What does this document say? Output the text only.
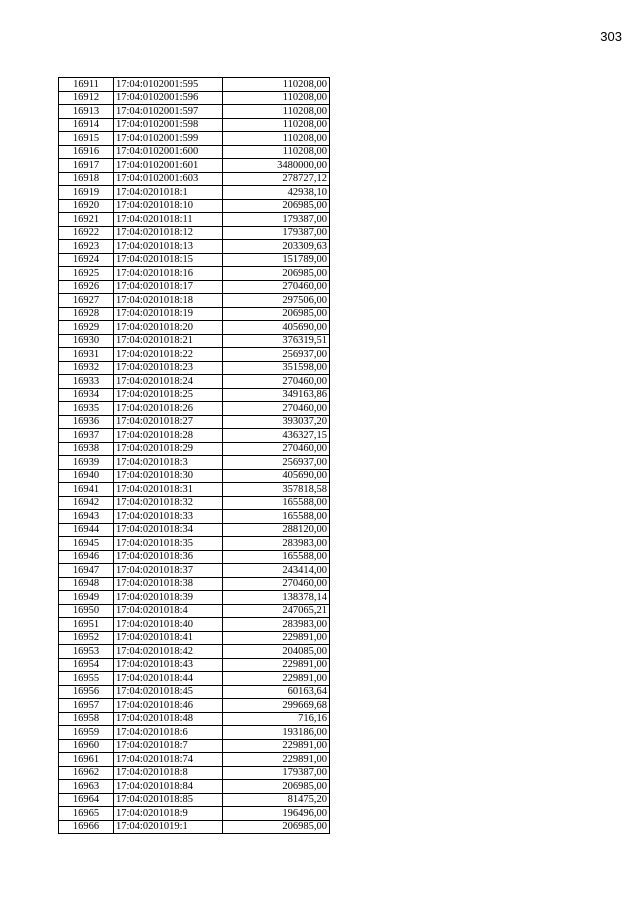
303
16911	17:04:0102001:595	110208,00
16912	17:04:0102001:596	110208,00
16913	17:04:0102001:597	110208,00
16914	17:04:0102001:598	110208,00
16915	17:04:0102001:599	110208,00
16916	17:04:0102001:600	110208,00
16917	17:04:0102001:601	3480000,00
16918	17:04:0102001:603	278727,12
16919	17:04:0201018:1	42938,10
16920	17:04:0201018:10	206985,00
16921	17:04:0201018:11	179387,00
16922	17:04:0201018:12	179387,00
16923	17:04:0201018:13	203309,63
16924	17:04:0201018:15	151789,00
16925	17:04:0201018:16	206985,00
16926	17:04:0201018:17	270460,00
16927	17:04:0201018:18	297506,00
16928	17:04:0201018:19	206985,00
16929	17:04:0201018:20	405690,00
16930	17:04:0201018:21	376319,51
16931	17:04:0201018:22	256937,00
16932	17:04:0201018:23	351598,00
16933	17:04:0201018:24	270460,00
16934	17:04:0201018:25	349163,86
16935	17:04:0201018:26	270460,00
16936	17:04:0201018:27	393037,20
16937	17:04:0201018:28	436327,15
16938	17:04:0201018:29	270460,00
16939	17:04:0201018:3	256937,00
16940	17:04:0201018:30	405690,00
16941	17:04:0201018:31	357818,58
16942	17:04:0201018:32	165588,00
16943	17:04:0201018:33	165588,00
16944	17:04:0201018:34	288120,00
16945	17:04:0201018:35	283983,00
16946	17:04:0201018:36	165588,00
16947	17:04:0201018:37	243414,00
16948	17:04:0201018:38	270460,00
16949	17:04:0201018:39	138378,14
16950	17:04:0201018:4	247065,21
16951	17:04:0201018:40	283983,00
16952	17:04:0201018:41	229891,00
16953	17:04:0201018:42	204085,00
16954	17:04:0201018:43	229891,00
16955	17:04:0201018:44	229891,00
16956	17:04:0201018:45	60163,64
16957	17:04:0201018:46	299669,68
16958	17:04:0201018:48	716,16
16959	17:04:0201018:6	193186,00
16960	17:04:0201018:7	229891,00
16961	17:04:0201018:74	229891,00
16962	17:04:0201018:8	179387,00
16963	17:04:0201018:84	206985,00
16964	17:04:0201018:85	81475,20
16965	17:04:0201018:9	196496,00
16966	17:04:0201019:1	206985,00
